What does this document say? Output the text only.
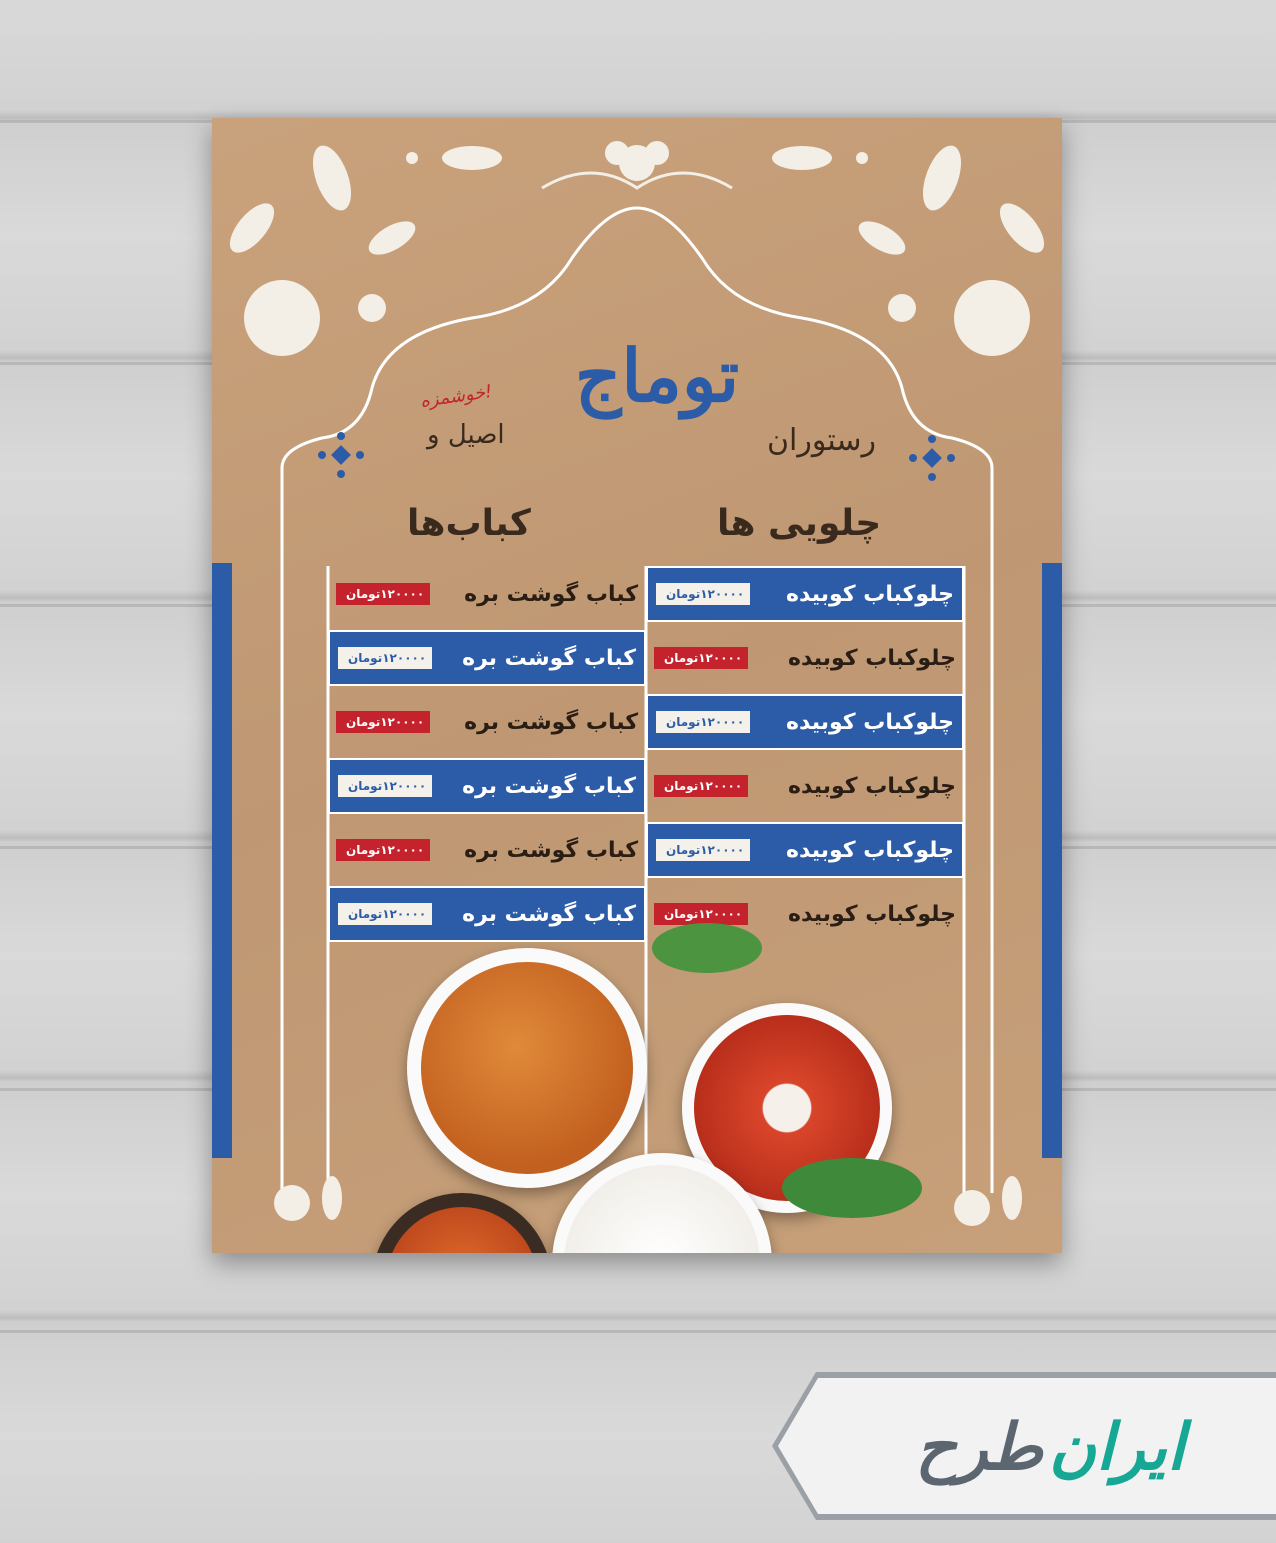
توماج
رستوران
اصیل و
خوشمزه!
چلویی ها
کباب‌ها
تومان ۱۲۰۰۰۰ چلوکباب کوبیده
تومان ۱۲۰۰۰۰ چلوکباب کوبیده
تومان ۱۲۰۰۰۰ چلوکباب کوبیده
تومان ۱۲۰۰۰۰ چلوکباب کوبیده
تومان ۱۲۰۰۰۰ چلوکباب کوبیده
تومان ۱۲۰۰۰۰ چلوکباب کوبیده
تومان ۱۲۰۰۰۰ کباب گوشت بره
تومان ۱۲۰۰۰۰ کباب گوشت بره
تومان ۱۲۰۰۰۰ کباب گوشت بره
تومان ۱۲۰۰۰۰ کباب گوشت بره
تومان ۱۲۰۰۰۰ کباب گوشت بره
تومان ۱۲۰۰۰۰ کباب گوشت بره
ایران
طرح
